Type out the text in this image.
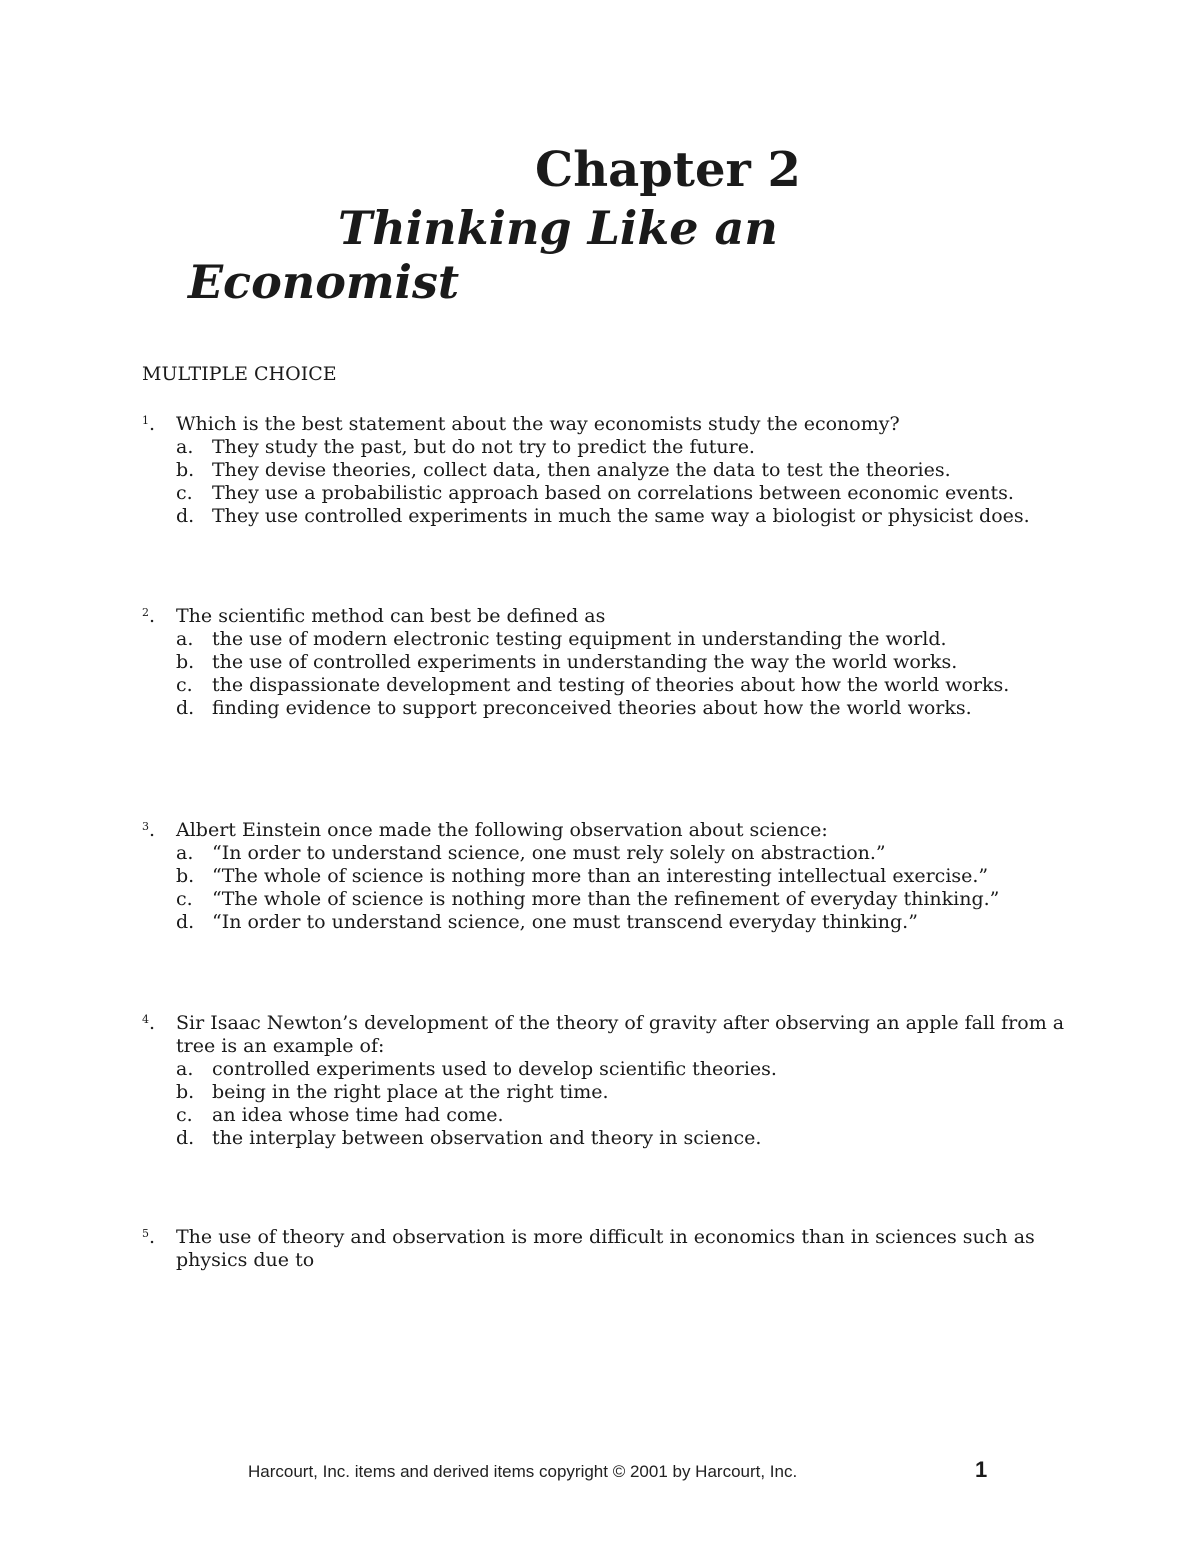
Chapter 2
Thinking Like an
Economist
MULTIPLE CHOICE
$^1$.	Which is the best statement about the way economists study the economy?
a. They study the past, but do not try to predict the future.
b. They devise theories, collect data, then analyze the data to test the theories.
c.	They use a probabilistic approach based on correlations between economic events.
d. They use controlled experiments in much the same way a biologist or physicist does.
$^2$.	The scientific method can best be defined as
a. the use of modern electronic testing equipment in understanding the world.
b. the use of controlled experiments in understanding the way the world works.
c.	the dispassionate development and testing of theories about how the world works.
d. finding evidence to support preconceived theories about how the world works.
$^3$.	Albert Einstein once made the following observation about science:
a. “In order to understand science, one must rely solely on abstraction.”
b. “The whole of science is nothing more than an interesting intellectual exercise.”
c.	“The whole of science is nothing more than the refinement of everyday thinking.”
d. “In order to understand science, one must transcend everyday thinking.”
$^4$.	Sir Isaac Newton’s development of the theory of gravity after observing an apple fall from a tree is an example of:
a. controlled experiments used to develop scientific theories.
b. being in the right place at the right time.
c.	an idea whose time had come.
d. the interplay between observation and theory in science.
$^5$.	The use of theory and observation is more difficult in economics than in sciences such as physics due to
Harcourt, Inc. items and derived items copyright © 2001 by Harcourt, Inc.	1
